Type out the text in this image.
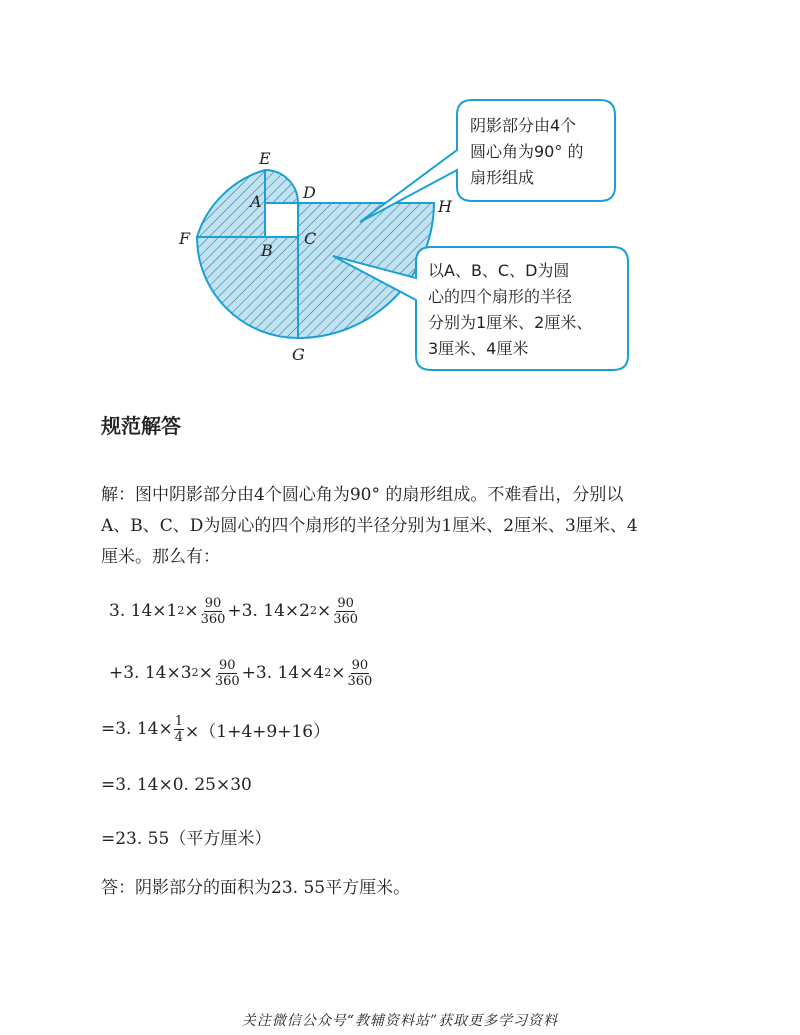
E
D
A	H
F
B
C
G
阴影部分由4个
圆心角为90° 的
扇形组成
以A、B、C、D为圆
心的四个扇形的半径
分别为1厘米、2厘米、
3厘米、4厘米
规范解答

解：图中阴影部分由4个圆心角为90° 的扇形组成。不难看出，分别以
A、B、C、D为圆心的四个扇形的半径分别为1厘米、2厘米、3厘米、4
厘米。那么有：

3. 14×1 $2 \times \frac{90}{360} +3$. 14×2 $2 \times \frac{90}{360}$
+3. 14×3 $2 \times \frac{90}{360} +3$. 14×4 $2 \times \frac{90}{360}$
=3. $14\times \frac{1}{4} \times(1+4+9+16)$
=3. 14×0. 25×30
=23. 55（平方厘米）
答：阴影部分的面积为23. 55平方厘米。
关注微信公众号“教辅资料站”获取更多学习资料
